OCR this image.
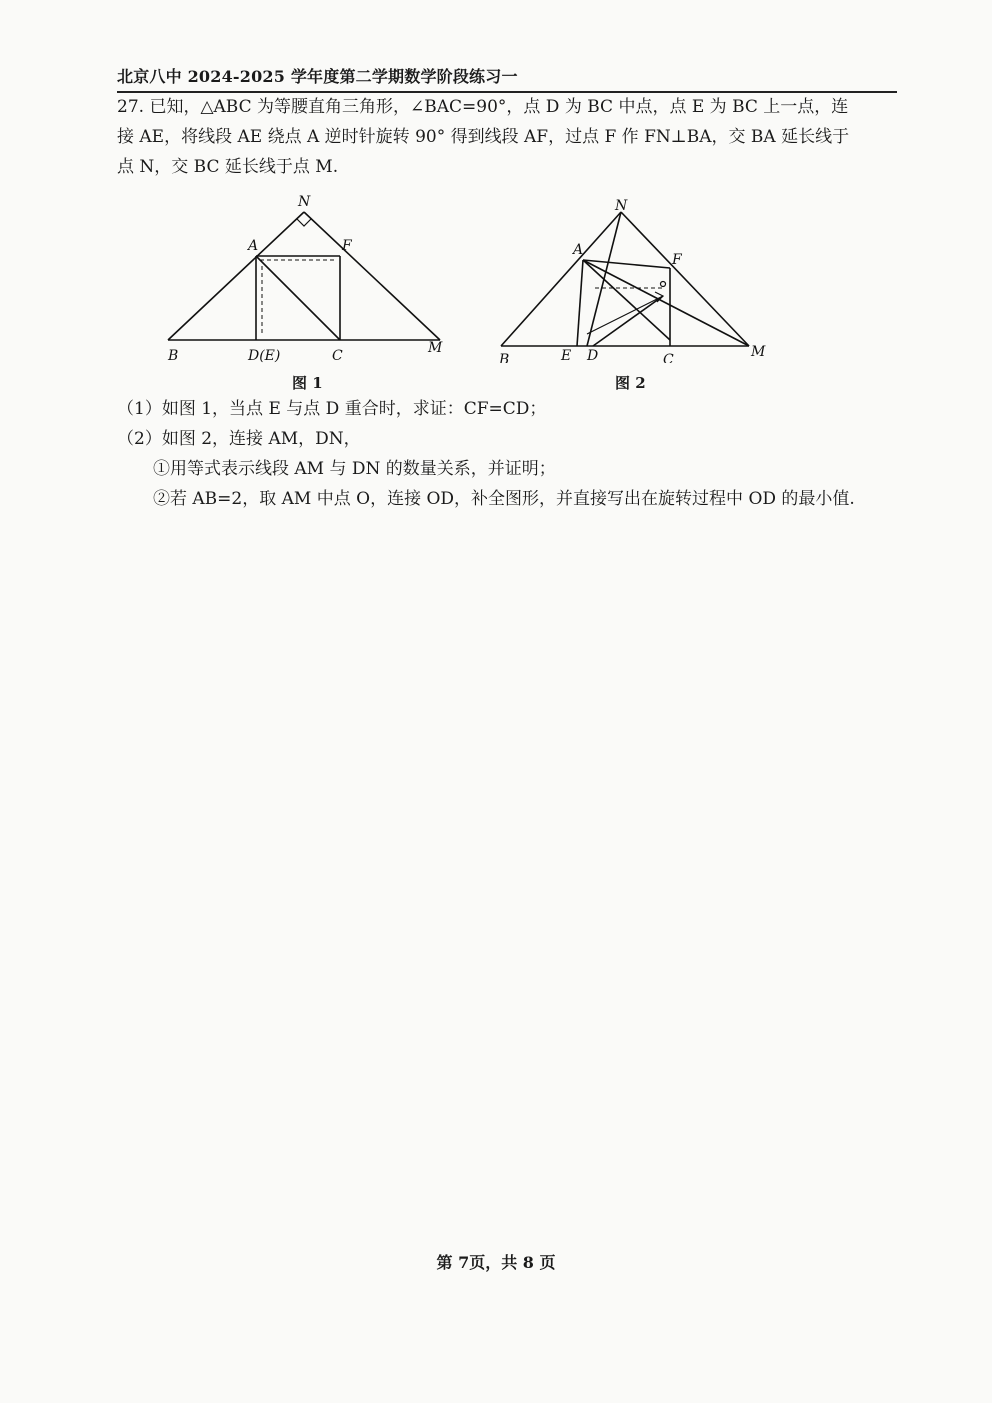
北京八中 2024-2025 学年度第二学期数学阶段练习一
27. 已知，△ABC 为等腰直角三角形，∠BAC=90°，点 D 为 BC 中点，点 E 为 BC 上一点，连
接 AE，将线段 AE 绕点 A 逆时针旋转 90° 得到线段 AF，过点 F 作 FN⊥BA，交 BA 延长线于
点 N，交 BC 延长线于点 M.
N
A	F
B	D(E)	C	M
图 1
N
A
F
B	E D	C	M
图 2
（1）如图 1，当点 E 与点 D 重合时，求证：CF=CD；
（2）如图 2，连接 AM，DN，
①用等式表示线段 AM 与 DN 的数量关系，并证明；
②若 AB=2，取 AM 中点 O，连接 OD，补全图形，并直接写出在旋转过程中 OD 的最小值.
第 7页，共 8 页
